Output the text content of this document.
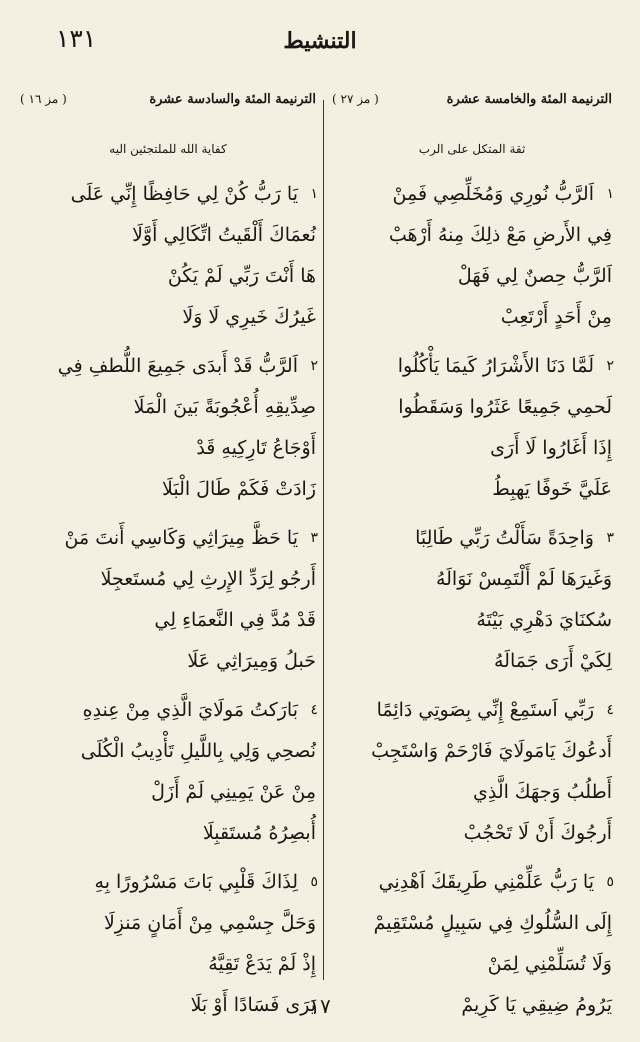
١٣١	التنشيط
الترنيمة المئة والخامسة عشرة
( مز ٢٧ )
ثقة المتكل على الرب
١
اَلرَّبُّ نُورِي وَمُخَلِّصِي فَمِنْ
فِي الأَرضِ مَعْ ذلِكَ مِنهُ أَرْهَبْ
اَلرَّبُّ حِصنٌ لِي فَهَلْ
مِنْ أَحَدٍ أَرْتَعِبْ
٢
لَمَّا دَنَا الأَشْرَارُ كَيمَا يَأْكُلُوا
لَحمِي جَمِيعًا عَثَرُوا وَسَقَطُوا
إِذَا أَغَارُوا لَا أَرَى
عَلَيَّ خَوفًا يَهبِطُ
٣
وَاحِدَةً سَأَلْتُ رَبِّي طَالِبًا
وَغَيرَهَا لَمْ أَلْتَمِسْ نَوَالَهُ
سُكنَايَ دَهْرِي بَيْتَهُ
لِكَيْ أَرَى جَمَالَهُ
٤
رَبِّي اَستَمِعْ إِنِّي بِصَوتِي دَائِمًا
أَدعُوكَ يَامَولَايَ فَارْحَمْ وَاسْتَجِبْ
أَطلُبُ وَجهَكَ الَّذِي
أَرجُوكَ أَنْ لَا تَحْجُبْ
٥
يَا رَبُّ عَلِّمْنِي طَرِيقَكَ اَهْدِنِي
إِلَى السُّلُوكِ فِي سَبِيلٍ مُسْتَقِيمْ
وَلَا تُسَلِّمْنِي لِمَنْ
يَرُومُ ضِيقِي يَا كَرِيمْ
الترنيمة المئة والسادسة عشرة
( مز ١٦ )
كفاية الله للملتجئين اليه
١
يَا رَبُّ كُنْ لِي حَافِظًا إِنِّي عَلَى
نُعمَاكَ أَلْقَيتُ اتِّكَالِي أَوَّلَا
هَا أَنْتَ رَبِّي لَمْ يَكُنْ
غَيرُكَ خَيرِي لَا وَلَا
٢
اَلرَّبُّ قَدْ أَبدَى جَمِيعَ اللُّطفِ فِي
صِدِّيقِهِ أُعْجُوبَةً بَينَ الْمَلَا
أَوْجَاعُ تَارِكِيهِ قَدْ
زَادَتْ فَكَمْ طَالَ الْبَلَا
٣
يَا حَظَّ مِيرَاثِي وَكَاسِي أَنتَ مَنْ
أَرجُو لِرَدِّ الإِرثِ لِي مُستَعجِلَا
قَدْ مُدَّ فِي النَّعمَاءِ لِي
حَبلُ وَمِيرَاثِي عَلَا
٤
بَارَكتُ مَولَايَ الَّذِي مِنْ عِندِهِ
نُصحِي وَلِي بِاللَّيلِ تَأْدِيبُ الْكُلَى
مِنْ عَنْ يَمِينِي لَمْ أَزَلْ
أُبصِرُهُ مُستَقبِلَا
٥
لِذَاكَ قَلْبِي بَاتَ مَسْرُورًا بِهِ
وَحَلَّ جِسْمِي مِنْ أَمَانٍ مَنزِلَا
إِذْ لَمْ يَدَعْ تَقِيَّهُ
يَرَى فَسَادًا أَوْ بَلَا
١٧
